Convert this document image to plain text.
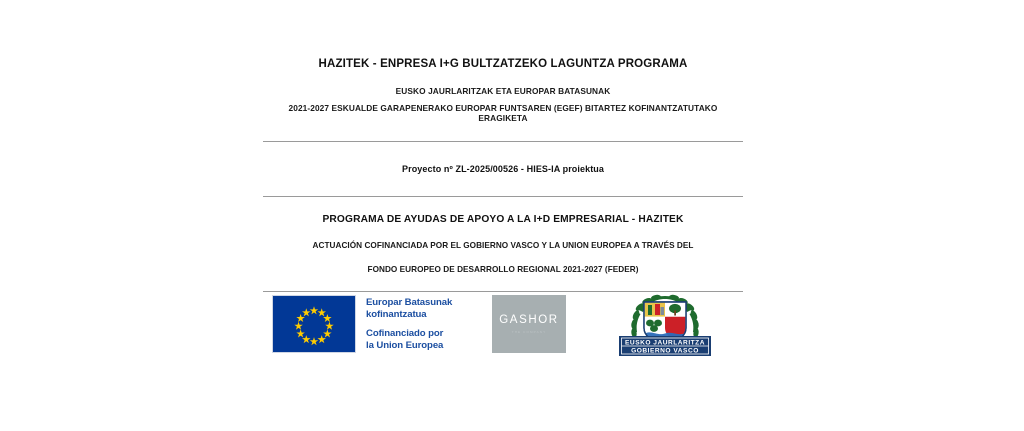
HAZITEK - ENPRESA I+G BULTZATZEKO LAGUNTZA PROGRAMA
EUSKO JAURLARITZAK ETA EUROPAR BATASUNAK
2021-2027 ESKUALDE GARAPENERAKO EUROPAR FUNTSAREN (EGEF) BITARTEZ KOFINANTZATUTAKO ERAGIKETA
Proyecto nº ZL-2025/00526 - HIES-IA proiektua
PROGRAMA DE AYUDAS DE APOYO A LA I+D EMPRESARIAL - HAZITEK
ACTUACIÓN COFINANCIADA POR EL GOBIERNO VASCO Y LA UNION EUROPEA A TRAVÉS DEL
FONDO EUROPEO DE DESARROLLO REGIONAL 2021-2027 (FEDER)
Europar Batasunak
kofinantzatua
Cofinanciado por
la Union Europea
GASHOR
THE COMPANY
EUSKO JAURLARITZA
GOBIERNO VASCO
